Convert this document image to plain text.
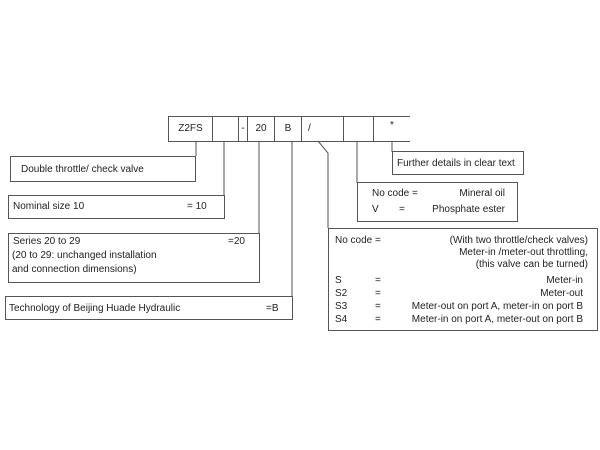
Z2FS	-	20	B	/	*
Double throttle/ check valve
Nominal size 10	= 10
Series 20 to 29	=20
(20 to 29: unchanged installation
and connection dimensions)
Technology of Beijing Huade Hydraulic	=B
Further details in clear text
No code =	Mineral oil
V =	Phosphate ester
No code =	(With two throttle/check valves)
Meter-in /meter-out throttling,
(this valve can be turned)
S	=	Meter-in
S2	=	Meter-out
S3	=	Meter-out on port A, meter-in on port B
S4	=	Meter-in on port A, meter-out on port B
